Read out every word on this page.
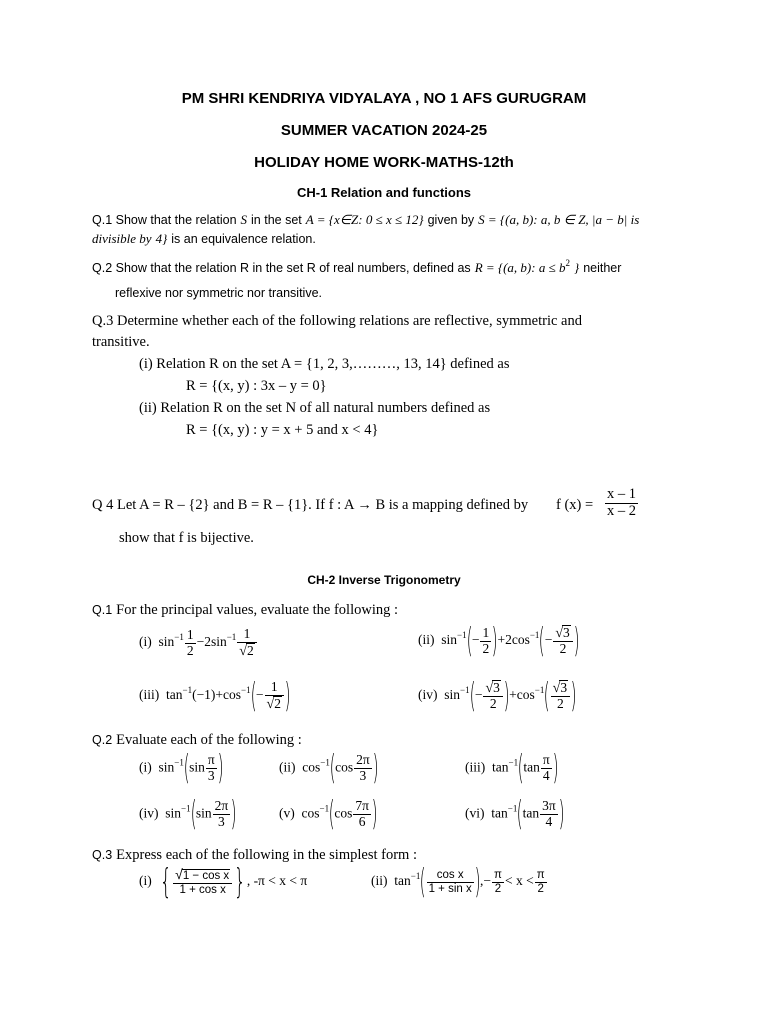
PM SHRI KENDRIYA VIDYALAYA , NO 1 AFS GURUGRAM
SUMMER VACATION 2024-25
HOLIDAY HOME WORK-MATHS-12th
CH-1 Relation and functions
Q.1 Show that the relation S in the set A = {x∈Z: 0 ≤ x ≤ 12} given by S = {(a, b): a, b ∈ Z, |a − b| is
divisible by 4} is an equivalence relation.
Q.2 Show that the relation R in the set R of real numbers, defined as R = {(a, b): $a \le b^2$ } neither
reflexive nor symmetric nor transitive.
Q.3 Determine whether each of the following relations are reflective, symmetric and
transitive.
(i) Relation R on the set A = {1, 2, 3,………, 13, 14} defined as
R = {(x, y) : 3x – y = 0}
(ii) Relation R on the set N of all natural numbers defined as
R = {(x, y) : y = x + 5 and x < 4}
Q 4 Let A = R – {2} and B = R – {1}. If f : A → B is a mapping defined by f $(x) = \frac{x - 1}{x - 2}$
show that f is bijective.
CH-2 Inverse Trigonometry
Q.1 For the principal values, evaluate the following :
(i)  $\sin^{-1} \frac{1}{2} -2\sin^{-1} \frac{1}{√2}$	(ii)  $\sin^{-1}(- \frac{1}{2} )+2\cos^{-1}(- \frac{√3}{2}$ )
(iii)  $\tan^{-1}(-1)+\cos^{-1}(- \frac{1}{√2}$ )	(iv)  $\sin^{-1}(- \frac{√3}{2} )+\cos^{-1}( \frac{√3}{2}$ )
Q.2 Evaluate each of the following :
(i)  $\sin^{-1}(\sin \frac{\pi}{3}$ )	(ii)  $\cos^{-1}(\cos \frac{2\pi}{3}$ )	(iii)  $\tan^{-1}(\tan \frac{\pi}{4}$ )
(iv)  $\sin^{-1}(\sin \frac{2\pi}{3}$ )	(v)  $\cos^{-1}(\cos \frac{7\pi}{6}$ )	(vi)  $\tan^{-1}(\tan \frac{3\pi}{4}$ )
Q.3 Express each of the following in the simplest form :
(i)  { $\frac{\text{√1 − cos x}}{\text{1 + cos x}}$ }, -π < x < π	(ii)  $\tan^{-1}( \frac{\text{cos x}}{\text{1 + sin x}}$ ),− $\frac{\pi}{2} < x < \frac{\pi}{2}$
